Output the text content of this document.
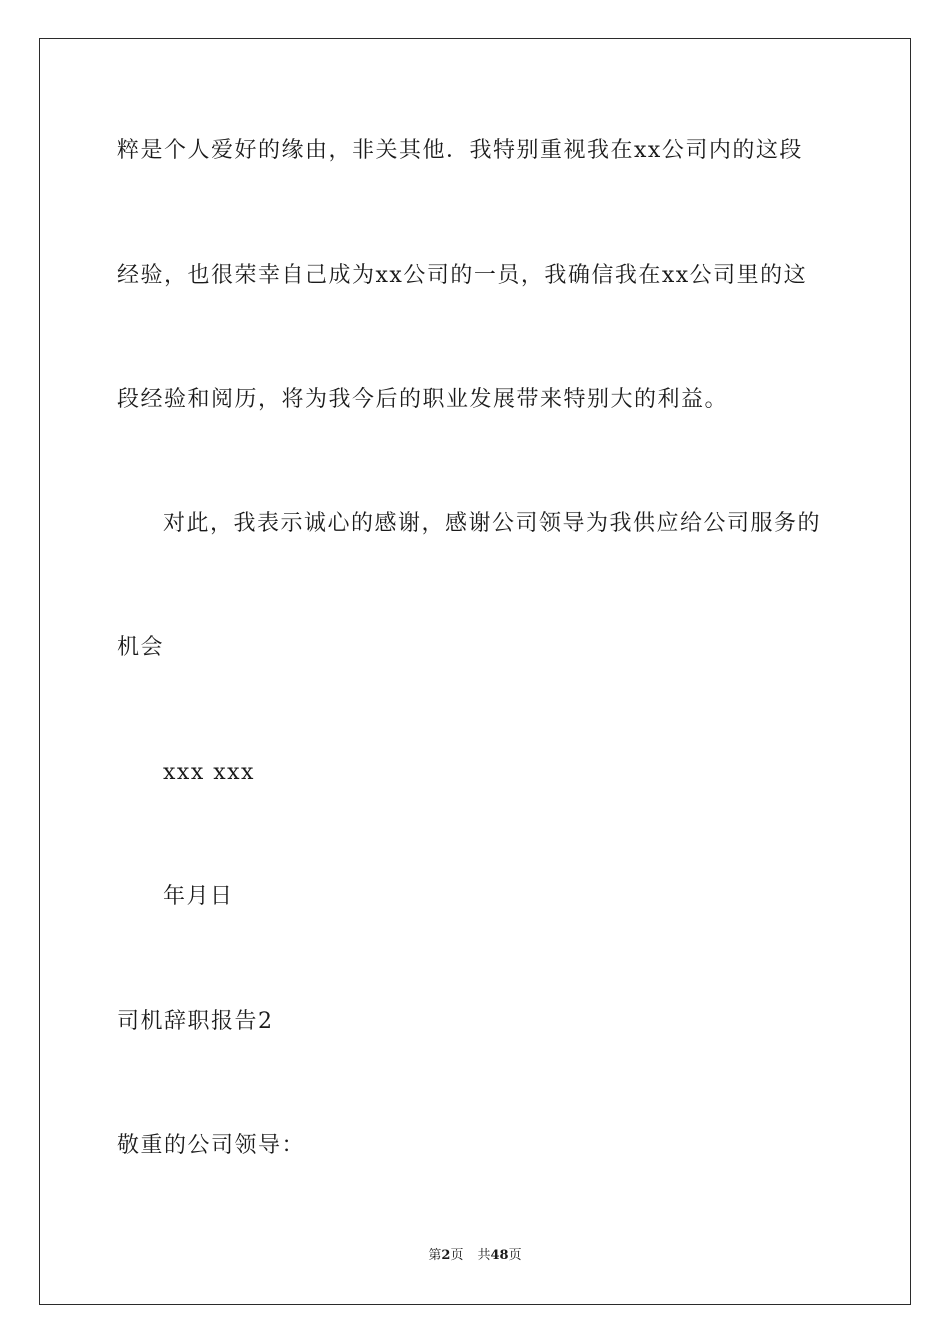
粹是个人爱好的缘由，非关其他．我特别重视我在xx公司内的这段
经验，也很荣幸自己成为xx公司的一员，我确信我在xx公司里的这
段经验和阅历，将为我今后的职业发展带来特别大的利益。
对此，我表示诚心的感谢，感谢公司领导为我供应给公司服务的
机会
xxx xxx
年月日
司机辞职报告2
敬重的公司领导：
第2页 共48页
